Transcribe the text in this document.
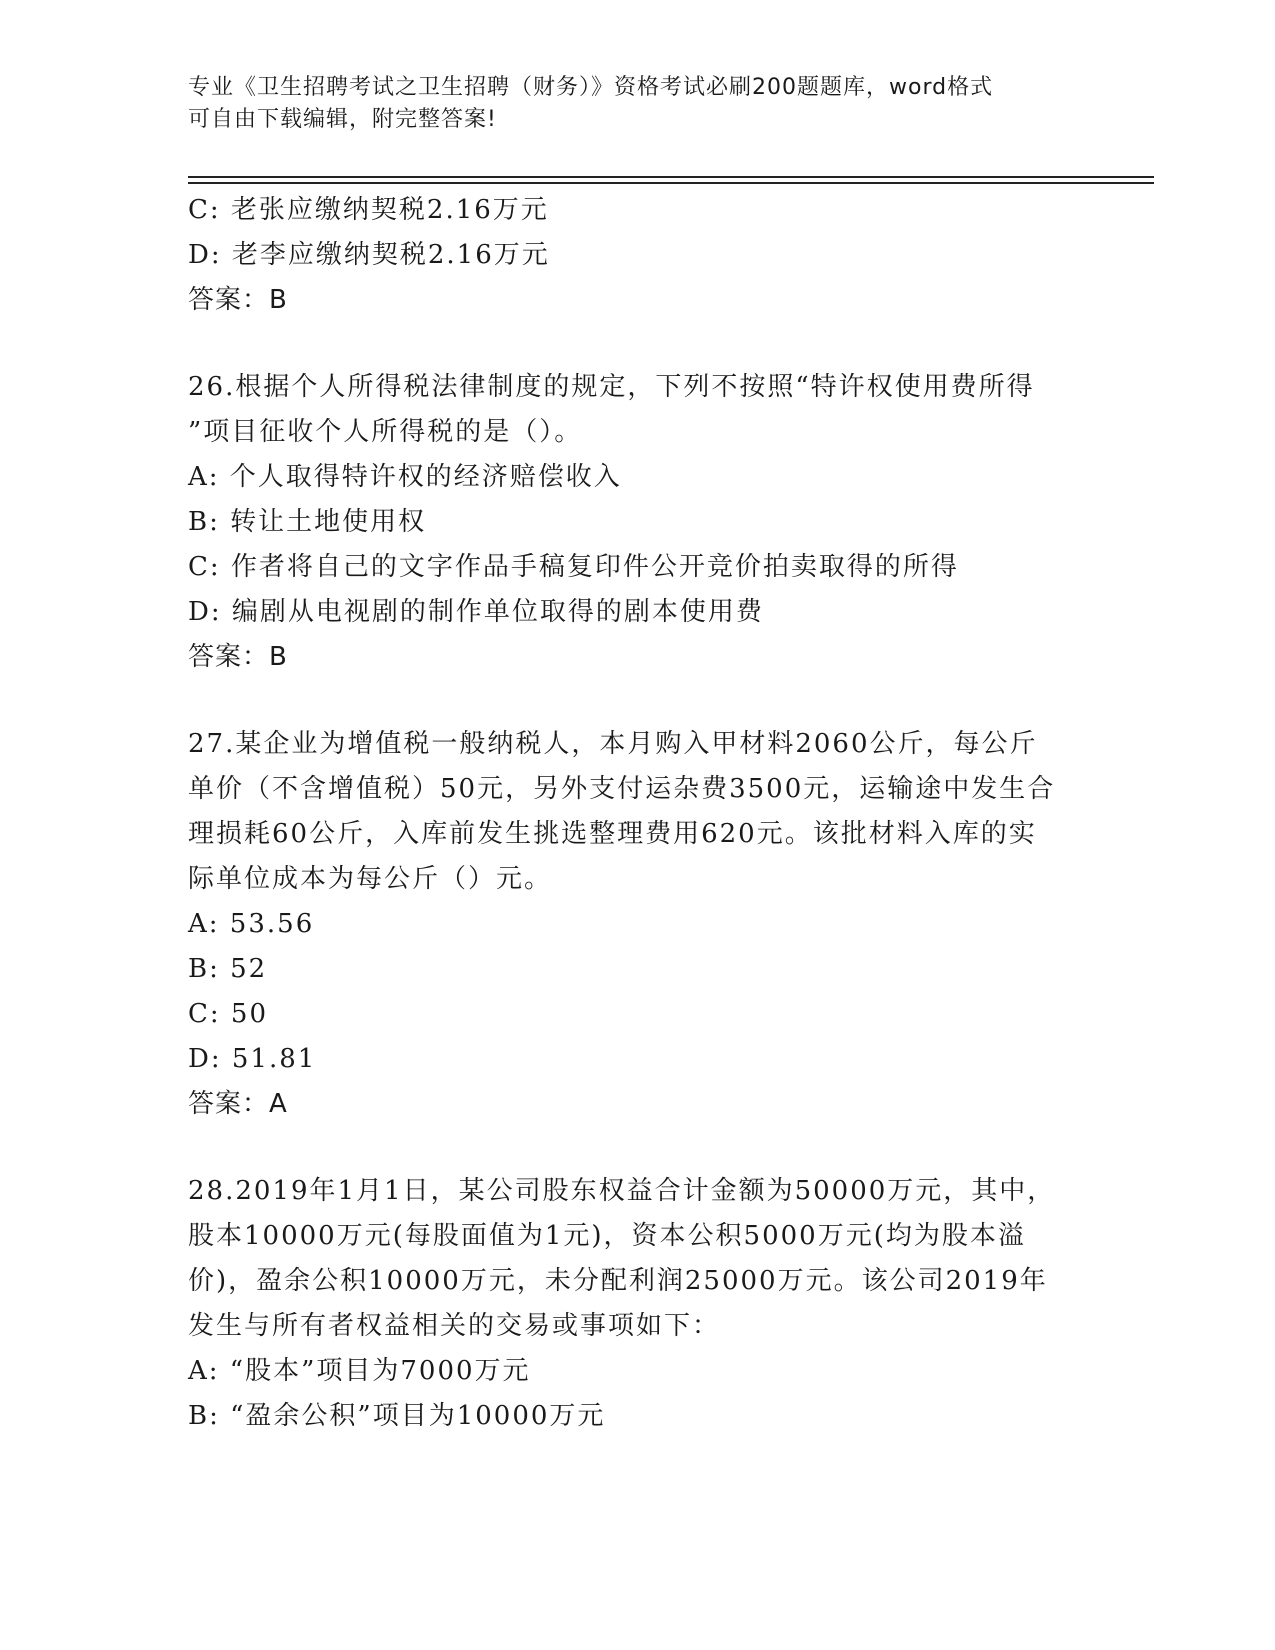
专业《卫生招聘考试之卫生招聘（财务）》资格考试必刷200题题库，word格式
可自由下载编辑，附完整答案!
C: 老张应缴纳契税2.16万元
D: 老李应缴纳契税2.16万元
答案：B
26.根据个人所得税法律制度的规定，下列不按照“特许权使用费所得
”项目征收个人所得税的是（）。
A: 个人取得特许权的经济赔偿收入
B: 转让土地使用权
C: 作者将自己的文字作品手稿复印件公开竞价拍卖取得的所得
D: 编剧从电视剧的制作单位取得的剧本使用费
答案：B
27.某企业为增值税一般纳税人，本月购入甲材料2060公斤，每公斤
单价（不含增值税）50元，另外支付运杂费3500元，运输途中发生合
理损耗60公斤，入库前发生挑选整理费用620元。该批材料入库的实
际单位成本为每公斤（）元。
A: 53.56
B: 52
C: 50
D: 51.81
答案：A
28.2019年1月1日，某公司股东权益合计金额为50000万元，其中，
股本10000万元(每股面值为1元)，资本公积5000万元(均为股本溢
价)，盈余公积10000万元，未分配利润25000万元。该公司2019年
发生与所有者权益相关的交易或事项如下：
A: “股本”项目为7000万元
B: “盈余公积”项目为10000万元
